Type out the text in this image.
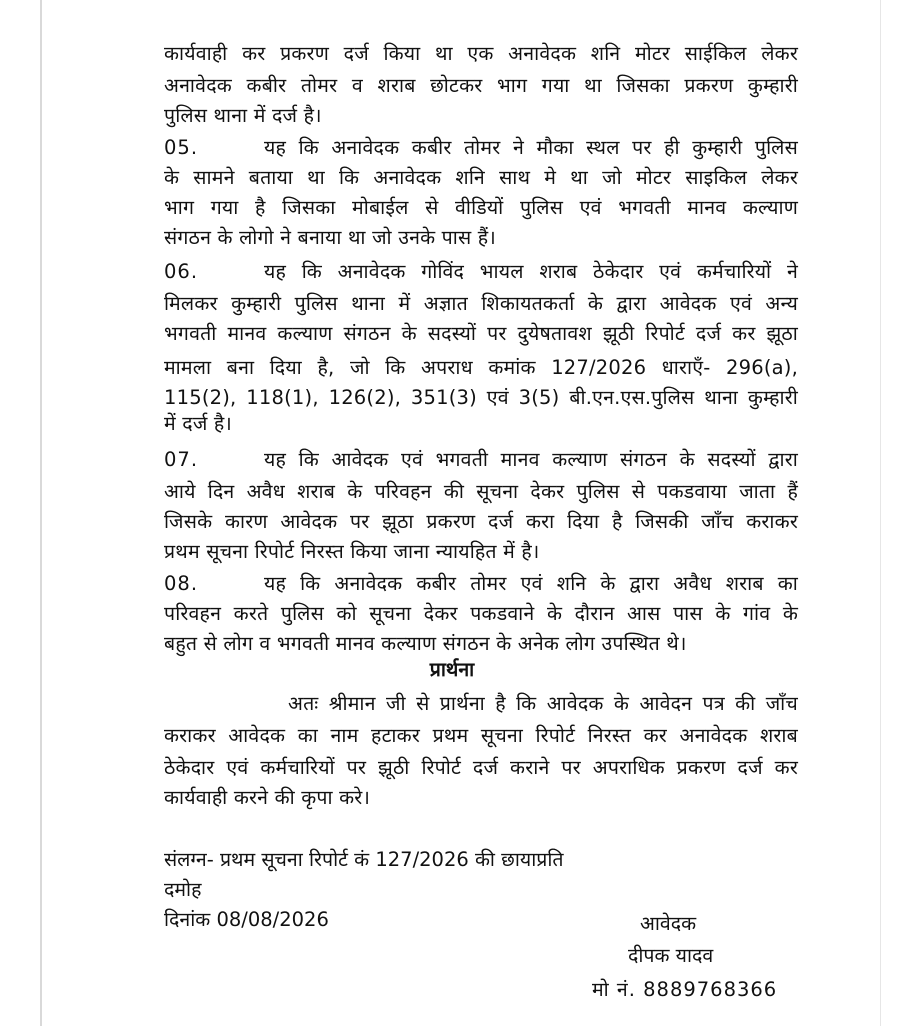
कार्यवाही कर प्रकरण दर्ज किया था एक अनावेदक शनि मोटर साईकिल लेकर
अनावेदक कबीर तोमर व शराब छोटकर भाग गया था जिसका प्रकरण कुम्हारी
पुलिस थाना में दर्ज है।
05.	यह कि अनावेदक कबीर तोमर ने मौका स्थल पर ही कुम्हारी पुलिस
के सामने बताया था कि अनावेदक शनि साथ मे था जो मोटर साइकिल लेकर
भाग गया है जिसका मोबाईल से वीडियों पुलिस एवं भगवती मानव कल्याण
संगठन के लोगो ने बनाया था जो उनके पास हैं।
06.	यह कि अनावेदक गोविंद भायल शराब ठेकेदार एवं कर्मचारियों ने
मिलकर कुम्हारी पुलिस थाना में अज्ञात शिकायतकर्ता के द्वारा आवेदक एवं अन्य
भगवती मानव कल्याण संगठन के सदस्यों पर दुयेषतावश झूठी रिपोर्ट दर्ज कर झूठा
मामला बना दिया है, जो कि अपराध कमांक 127/2026 धाराएँ- 296(a),
115(2), 118(1), 126(2), 351(3) एवं 3(5) बी.एन.एस.पुलिस थाना कुम्हारी
में दर्ज है।
07.	यह कि आवेदक एवं भगवती मानव कल्याण संगठन के सदस्यों द्वारा
आये दिन अवैध शराब के परिवहन की सूचना देकर पुलिस से पकडवाया जाता हैं
जिसके कारण आवेदक पर झूठा प्रकरण दर्ज करा दिया है जिसकी जाँच कराकर
प्रथम सूचना रिपोर्ट निरस्त किया जाना न्यायहित में है।
08.	यह कि अनावेदक कबीर तोमर एवं शनि के द्वारा अवैध शराब का
परिवहन करते पुलिस को सूचना देकर पकडवाने के दौरान आस पास के गांव के
बहुत से लोग व भगवती मानव कल्याण संगठन के अनेक लोग उपस्थित थे।
प्रार्थना
अतः श्रीमान जी से प्रार्थना है कि आवेदक के आवेदन पत्र की जाँच
कराकर आवेदक का नाम हटाकर प्रथम सूचना रिपोर्ट निरस्त कर अनावेदक शराब
ठेकेदार एवं कर्मचारियों पर झूठी रिपोर्ट दर्ज कराने पर अपराधिक प्रकरण दर्ज कर
कार्यवाही करने की कृपा करे।
संलग्न- प्रथम सूचना रिपोर्ट कं 127/2026 की छायाप्रति
दमोह
दिनांक 08/08/2026	आवेदक
दीपक यादव
मो नं. 8889768366
